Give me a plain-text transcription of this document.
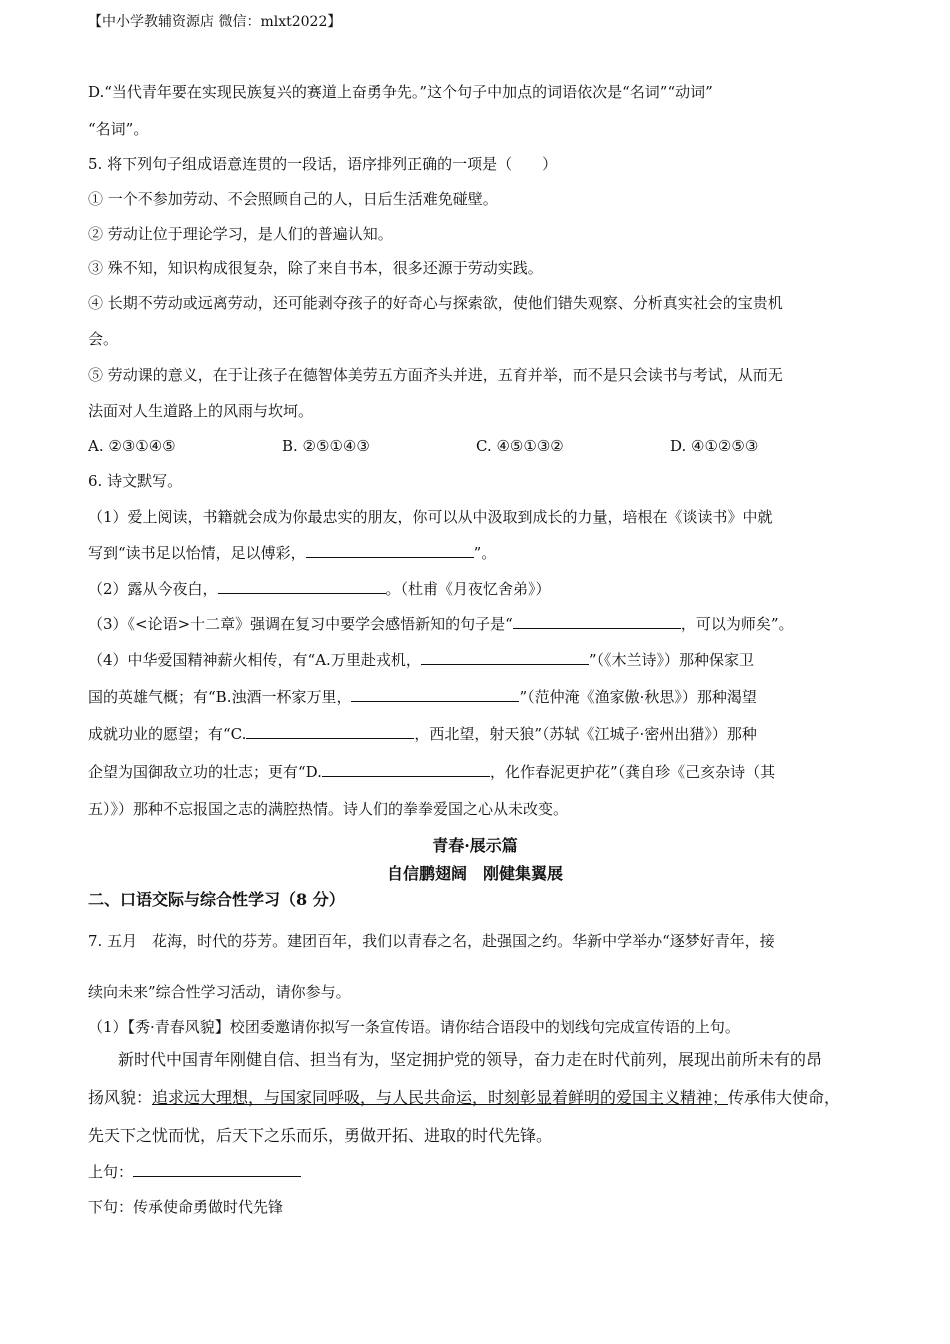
【中小学教辅资源店 微信：mlxt2022】
D.“当代青年要在实现民族复兴的赛道上奋勇争先。”这个句子中加点的词语依次是“名词”“动词”
“名词”。
5. 将下列句子组成语意连贯的一段话，语序排列正确的一项是（　　）
① 一个不参加劳动、不会照顾自己的人，日后生活难免碰壁。
② 劳动让位于理论学习，是人们的普遍认知。
③ 殊不知，知识构成很复杂，除了来自书本，很多还源于劳动实践。
④ 长期不劳动或远离劳动，还可能剥夺孩子的好奇心与探索欲，使他们错失观察、分析真实社会的宝贵机
会。
⑤ 劳动课的意义，在于让孩子在德智体美劳五方面齐头并进，五育并举，而不是只会读书与考试，从而无
法面对人生道路上的风雨与坎坷。
A. ②③①④⑤	B. ②⑤①④③	C. ④⑤①③②	D. ④①②⑤③
6. 诗文默写。
（1）爱上阅读，书籍就会成为你最忠实的朋友，你可以从中汲取到成长的力量，培根在《谈读书》中就
写到“读书足以怡情，足以傅彩，	”。
（2）露从今夜白，	。（杜甫《月夜忆舍弟》）
（3）《<论语>十二章》强调在复习中要学会感悟新知的句子是“	，可以为师矣”。
（4）中华爱国精神薪火相传，有“A.万里赴戎机，	”（《木兰诗》）那种保家卫
国的英雄气概；有“B.浊酒一杯家万里，	”（范仲淹《渔家傲·秋思》）那种渴望
成就功业的愿望；有“C.	，西北望，射天狼”（苏轼《江城子·密州出猎》）那种
企望为国御敌立功的壮志；更有“D.	，化作春泥更护花”（龚自珍《己亥杂诗（其
五）》）那种不忘报国之志的满腔热情。诗人们的拳拳爱国之心从未改变。
青春·展示篇
自信鹏翅阔　刚健集翼展
二、口语交际与综合性学习（8 分）
7. 五月　花海，时代的芬芳。建团百年，我们以青春之名，赴强国之约。华新中学举办“逐梦好青年，接
续向未来”综合性学习活动，请你参与。
（1）【秀·青春风貌】校团委邀请你拟写一条宣传语。请你结合语段中的划线句完成宣传语的上句。
新时代中国青年刚健自信、担当有为，坚定拥护党的领导，奋力走在时代前列，展现出前所未有的昂
扬风貌：追求远大理想，与国家同呼吸，与人民共命运，时刻彰显着鲜明的爱国主义精神；传承伟大使命，
先天下之忧而忧，后天下之乐而乐，勇做开拓、进取的时代先锋。
上句：
下句：传承使命勇做时代先锋
